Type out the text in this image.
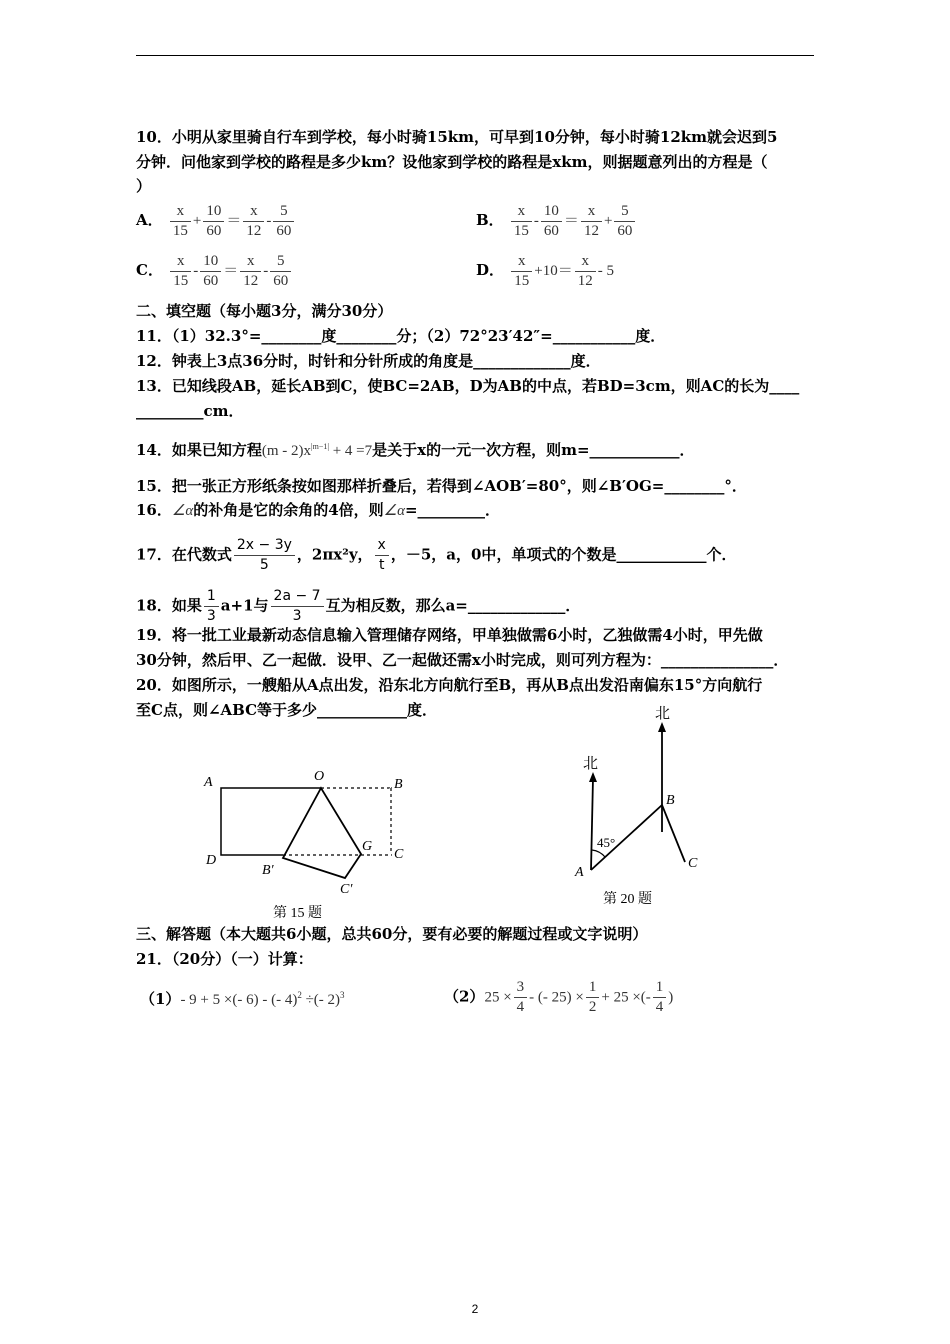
10．小明从家里骑自行车到学校，每小时骑15km，可早到10分钟，每小时骑12km就会迟到5
分钟．问他家到学校的路程是多少km？设他家到学校的路程是xkm，则据题意列出的方程是（
）
A． $\frac{x}{15} + \frac{10}{60} = \frac{x}{12} - \frac{5}{60}$	B． $\frac{x}{15} - \frac{10}{60} = \frac{x}{12} + \frac{5}{60}$
C． $\frac{x}{15} - \frac{10}{60} = \frac{x}{12} - \frac{5}{60}$	D． $\frac{x}{15} +10= \frac{x}{12} - 5$
二、填空题（每小题3分，满分30分）
11．（1）32.3°=________度________分；（2）72°23′42″=___________度．
12．钟表上3点36分时，时针和分针所成的角度是_____________度．
13．已知线段AB，延长AB到C，使BC=2AB，D为AB的中点，若BD=3cm，则AC的长为____
_________cm．
14．如果已知方程$(m - 2)x^{|m-1|} + 4 =7$是关于x的一元一次方程，则m=____________．
15．把一张正方形纸条按如图那样折叠后，若得到∠AOB′=80°，则∠B′OG=________°．
16．∠α的补角是它的余角的4倍，则∠α=_________．
17．在代数式 $\frac{2x - 3y}{5}$ ，2πx²y， $\frac{x}{t}$ ，－5，a，0中，单项式的个数是____________个．
18．如果 $\frac{1}{3} a+1$与 $\frac{2a - 7}{3}$ 互为相反数，那么a=_____________．
19．将一批工业最新动态信息输入管理储存网络，甲单独做需6小时，乙独做需4小时，甲先做
30分钟，然后甲、乙一起做．设甲、乙一起做还需x小时完成，则可列方程为：_______________．
20．如图所示，一艘船从A点出发，沿东北方向航行至B，再从B点出发沿南偏东15°方向航行
至C点，则∠ABC等于多少____________度．
A	O
B
D
B′
G
C
C′
第 15 题
北
北
45°
A
B
C
第 20 题
三、解答题（本大题共6小题，总共60分，要有必要的解题过程或文字说明）
21．（20分）（一）计算：
（1）- 9 + 5 ×(- 6) - (- 4)$^2$ ÷(- 2)$^3$	$(2)25 \times \frac{3}{4}$ - (- $25) \times \frac{1}{2} + 25$ ×(- $\frac{1}{4}$ )
2
